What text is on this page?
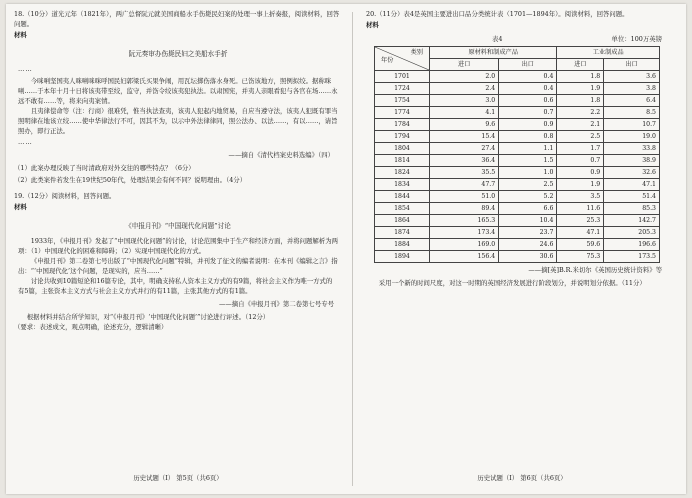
18.（10分）道光元年（1821年），两广总督阮元就美国商船水手伤毙民妇案的处理一事上折奏报，阅读材料，回答问题。

材料

阮元奏审办伤毙民妇之美船水手折

……

今咪唎坚国夷人咪唎咪咪呼国民妇郭梁氏买果争闹，用瓦坛掷伤落水身死。已饬该地方，照例拟绞。据称咪唎……于本年十月十日将该夷带至绞，监守，并饬令绞该夷犯执法。以肃国宪，并夷人亲眼看犯与各官在场……永远不敢有……等，将来向夷案情。

且夷律偿命等（注：行商）很难凭，惟当执法查夷，该夷人犯起内地贸易，自应当遵守法，该夷人犯既有罪当照明律在地该立绞……使中华律法行不可，因其不为，以示中外法律律同，照公法办、以法……，有以……，请旨照办，即行正法。

……

——摘自《清代档案史料选编》（四）

（1）此案办理反映了当时清政府对外交往的哪些特点？（6分）

（2）此类案件若发生在19世纪50年代，处理结果会有何不同？说明理由。（4分）

19.（12分）阅读材料，回答问题。

材料

《申报月刊》“中国现代化问题”讨论

1933年，《申报月刊》发起了“中国现代化问题”的讨论，讨论范围集中于生产和经济方面，并将问题解析为两项：（1）中国现代化的困难和障碍；（2）实现中国现代化的方式。

《申报月刊》第二卷第七号出版了“中国现代化问题”特辑，并刊发了征文的编者说明：在本刊《编辑之言》指出：“‘中国现代化’这个问题，是现实的，应当……”

讨论共收到10篇短论和16篇专论，其中，明确支持私人资本主义方式的有9篇，将社会主义作为唯一方式的有5篇，主张资本主义方式与社会主义方式并行的有11篇，主张其他方式的有1篇。

——摘自《申报月刊》第二卷第七号专号

根据材料并结合所学知识，对“《申报月刊》‘中国现代化问题’”讨论进行评述。（12分）

（要求：表述成文，观点明确，论述充分，逻辑清晰）

历史试题（Ⅰ） 第5页（共6页）

20.（11分）表4是英国主要进出口品分类统计表（1701—1894年）。阅读材料，回答问题。

材料

表4	单位：100万英镑
类别
年份	原材料和制成产品		工业制成品	
	进口	出口	进口	出口
1701	2.0	0.4	1.8	3.6
1724	2.4	0.4	1.9	3.8
1754	3.0	0.6	1.8	6.4
1774	4.1	0.7	2.2	8.5
1784	9.6	0.9	2.1	10.7
1794	15.4	0.8	2.5	19.0
1804	27.4	1.1	1.7	33.8
1814	36.4	1.5	0.7	38.9
1824	35.5	1.0	0.9	32.6
1834	47.7	2.5	1.9	47.1
1844	51.0	5.2	3.5	51.4
1854	89.4	6.6	11.6	85.3
1864	165.3	10.4	25.3	142.7
1874	173.4	23.7	47.1	205.3
1884	169.0	24.6	59.6	196.6
1894	156.4	30.6	75.3	173.5

——摘[英]B.R.米切尔《英国历史统计资料》等

采用一个新的时间尺度，对这一时期的英国经济发展进行阶段划分，并说明划分依据。（11分）

历史试题（Ⅰ） 第6页（共6页）
